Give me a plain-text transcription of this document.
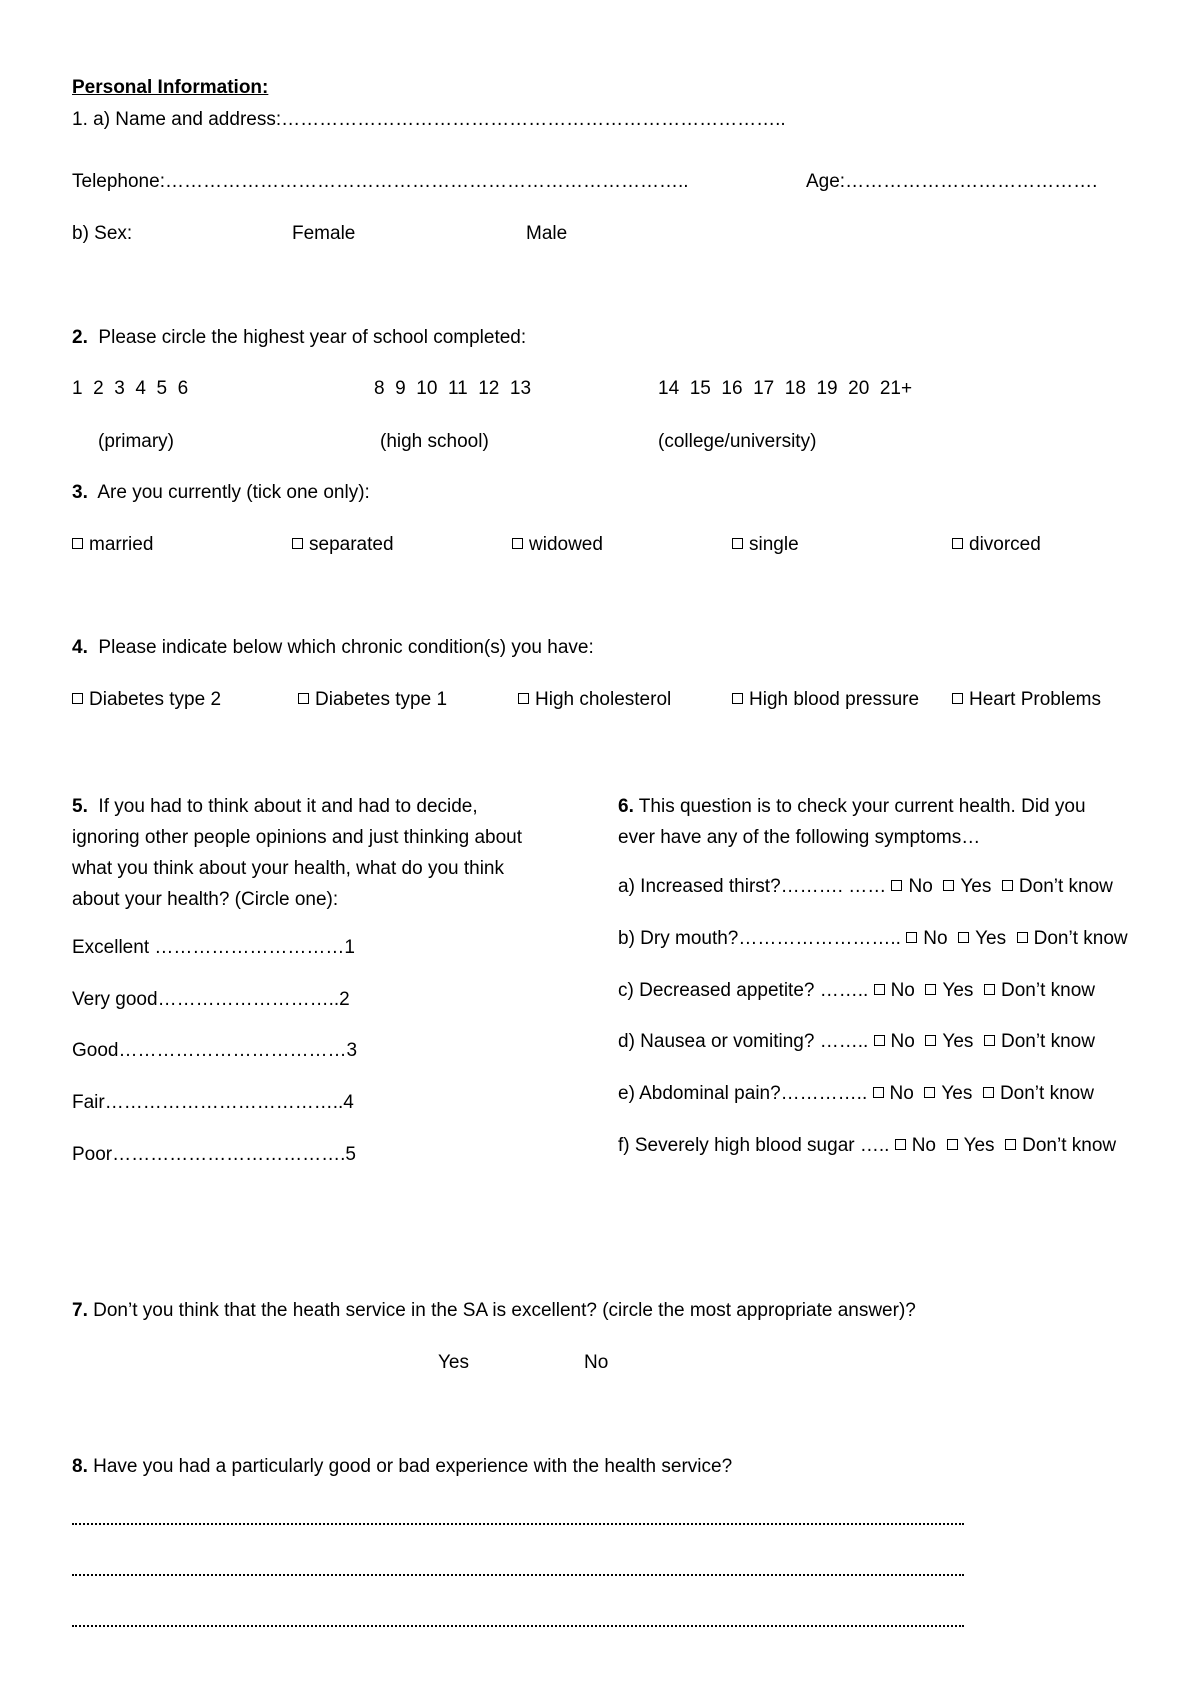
Personal Information:
1. a) Name and address:……………………………………………………………………..
Telephone:………………………………………………………………………..	Age:………………………………….
b) Sex:	Female	Male
2. Please circle the highest year of school completed:
1  2  3  4  5  6	8  9  10  11  12  13	14  15  16  17  18  19  20  21+
(primary)	(high school)	(college/university)
3. Are you currently (tick one only):
married	separated	widowed	single	divorced
4. Please indicate below which chronic condition(s) you have:
Diabetes type 2	Diabetes type 1	High cholesterol	High blood pressure	Heart Problems
5. If you had to think about it and had to decide,
ignoring other people opinions and just thinking about
what you think about your health, what do you think
about your health? (Circle one):
Excellent …………………………1
Very good………………………..2
Good………………………………3
Fair………………………………..4
Poor……………………………….5
6. This question is to check your current health. Did you
ever have any of the following symptoms…
a) Increased thirst?………. …… No Yes Don’t know
b) Dry mouth?…………………….. No Yes Don’t know
c) Decreased appetite? …….. No Yes Don’t know
d) Nausea or vomiting? …….. No Yes Don’t know
e) Abdominal pain?………….. No Yes Don’t know
f) Severely high blood sugar ….. No Yes Don’t know
7. Don’t you think that the heath service in the SA is excellent? (circle the most appropriate answer)?
Yes	No
8. Have you had a particularly good or bad experience with the health service?
